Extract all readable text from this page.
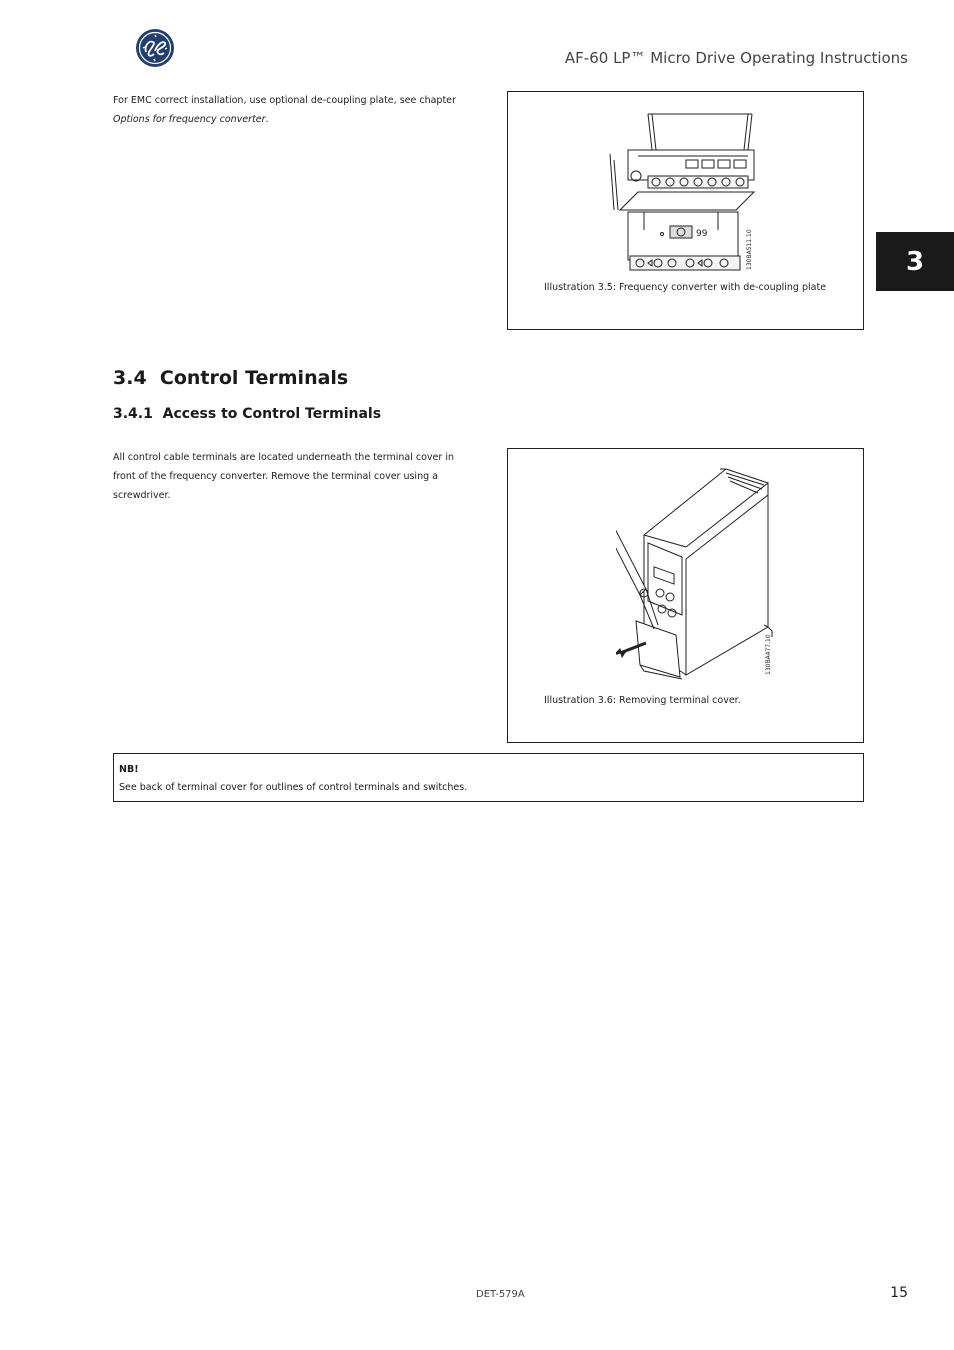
AF-60 LP™ Micro Drive Operating Instructions
3
For EMC correct installation, use optional de-coupling plate, see chapter Options for frequency converter.
99	130BA511.10
Illustration 3.5: Frequency converter with de-coupling plate
3.4 Control Terminals
3.4.1 Access to Control Terminals
All control cable terminals are located underneath the terminal cover in front of the frequency converter. Remove the terminal cover using a screwdriver.
130BA477.10
Illustration 3.6: Removing terminal cover.
NB!
See back of terminal cover for outlines of control terminals and switches.
DET-579A	15
